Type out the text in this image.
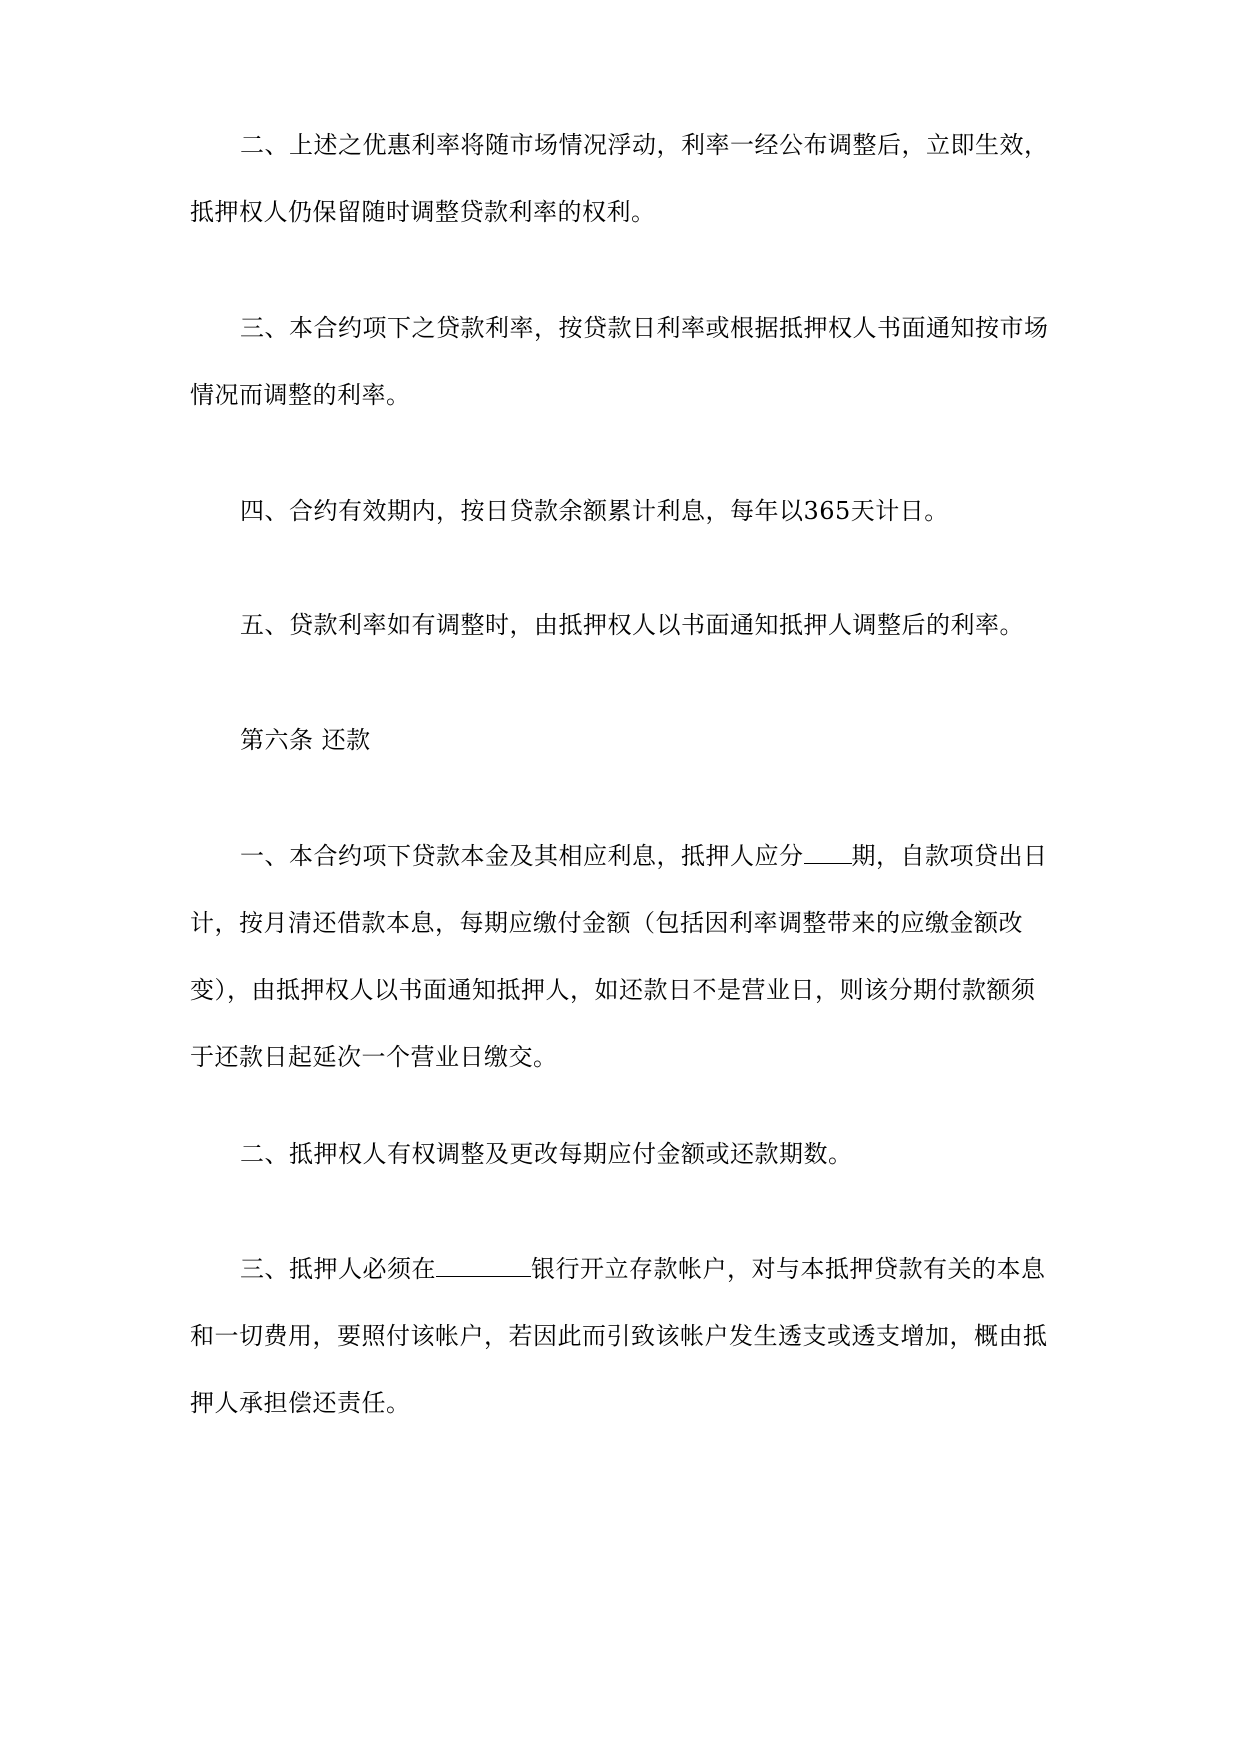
二、上述之优惠利率将随市场情况浮动，利率一经公布调整后，立即生效，抵押权人仍保留随时调整贷款利率的权利。

三、本合约项下之贷款利率，按贷款日利率或根据抵押权人书面通知按市场情况而调整的利率。

四、合约有效期内，按日贷款余额累计利息，每年以365天计日。

五、贷款利率如有调整时，由抵押权人以书面通知抵押人调整后的利率。

第六条 还款

一、本合约项下贷款本金及其相应利息，抵押人应分 期，自款项贷出日计，按月清还借款本息，每期应缴付金额（包括因利率调整带来的应缴金额改变），由抵押权人以书面通知抵押人，如还款日不是营业日，则该分期付款额须于还款日起延次一个营业日缴交。

二、抵押权人有权调整及更改每期应付金额或还款期数。

三、抵押人必须在	银行开立存款帐户，对与本抵押贷款有关的本息和一切费用，要照付该帐户，若因此而引致该帐户发生透支或透支增加，概由抵押人承担偿还责任。
